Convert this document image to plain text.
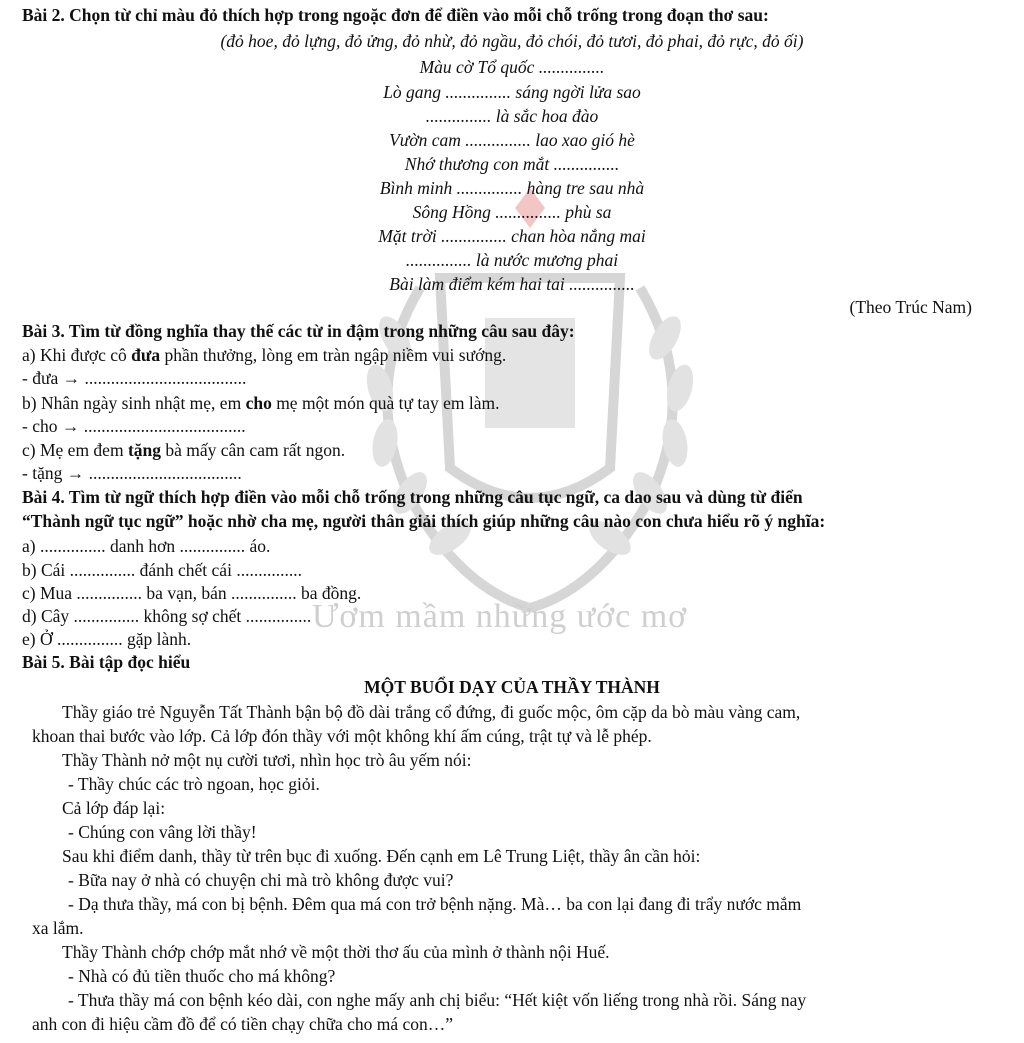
Ươm mầm những ước mơ
Bài 2. Chọn từ chỉ màu đỏ thích hợp trong ngoặc đơn để điền vào mỗi chỗ trống trong đoạn thơ sau:
(đỏ hoe, đỏ lựng, đỏ ửng, đỏ nhừ, đỏ ngầu, đỏ chói, đỏ tươi, đỏ phai, đỏ rực, đỏ ối)
Màu cờ Tổ quốc ...............
Lò gang ............... sáng ngời lửa sao
............... là sắc hoa đào
Vườn cam ............... lao xao gió hè
Nhớ thương con mắt ...............
Bình minh ............... hàng tre sau nhà
Sông Hồng ............... phù sa
Mặt trời ............... chan hòa nắng mai
............... là nước mương phai
Bài làm điểm kém hai tai ...............
(Theo Trúc Nam)
Bài 3. Tìm từ đồng nghĩa thay thế các từ in đậm trong những câu sau đây:
a) Khi được cô đưa phần thưởng, lòng em tràn ngập niềm vui sướng.
- đưa → .....................................
b) Nhân ngày sinh nhật mẹ, em cho mẹ một món quà tự tay em làm.
- cho → .....................................
c) Mẹ em đem tặng bà mấy cân cam rất ngon.
- tặng → ...................................
Bài 4. Tìm từ ngữ thích hợp điền vào mỗi chỗ trống trong những câu tục ngữ, ca dao sau và dùng từ điển
“Thành ngữ tục ngữ” hoặc nhờ cha mẹ, người thân giải thích giúp những câu nào con chưa hiểu rõ ý nghĩa:
a) ............... danh hơn ............... áo.
b) Cái ............... đánh chết cái ...............
c) Mua ............... ba vạn, bán ............... ba đồng.
d) Cây ............... không sợ chết ...............
e) Ở ............... gặp lành.
Bài 5. Bài tập đọc hiểu
MỘT BUỔI DẠY CỦA THẦY THÀNH
Thầy giáo trẻ Nguyễn Tất Thành bận bộ đồ dài trắng cổ đứng, đi guốc mộc, ôm cặp da bò màu vàng cam,
khoan thai bước vào lớp. Cả lớp đón thầy với một không khí ấm cúng, trật tự và lễ phép.
Thầy Thành nở một nụ cười tươi, nhìn học trò âu yếm nói:
- Thầy chúc các trò ngoan, học giỏi.
Cả lớp đáp lại:
- Chúng con vâng lời thầy!
Sau khi điểm danh, thầy từ trên bục đi xuống. Đến cạnh em Lê Trung Liệt, thầy ân cần hỏi:
- Bữa nay ở nhà có chuyện chi mà trò không được vui?
- Dạ thưa thầy, má con bị bệnh. Đêm qua má con trở bệnh nặng. Mà… ba con lại đang đi trẩy nước mắm
xa lắm.
Thầy Thành chớp chớp mắt nhớ về một thời thơ ấu của mình ở thành nội Huế.
- Nhà có đủ tiền thuốc cho má không?
- Thưa thầy má con bệnh kéo dài, con nghe mấy anh chị biểu: “Hết kiệt vốn liếng trong nhà rồi. Sáng nay
anh con đi hiệu cầm đồ để có tiền chạy chữa cho má con…”
